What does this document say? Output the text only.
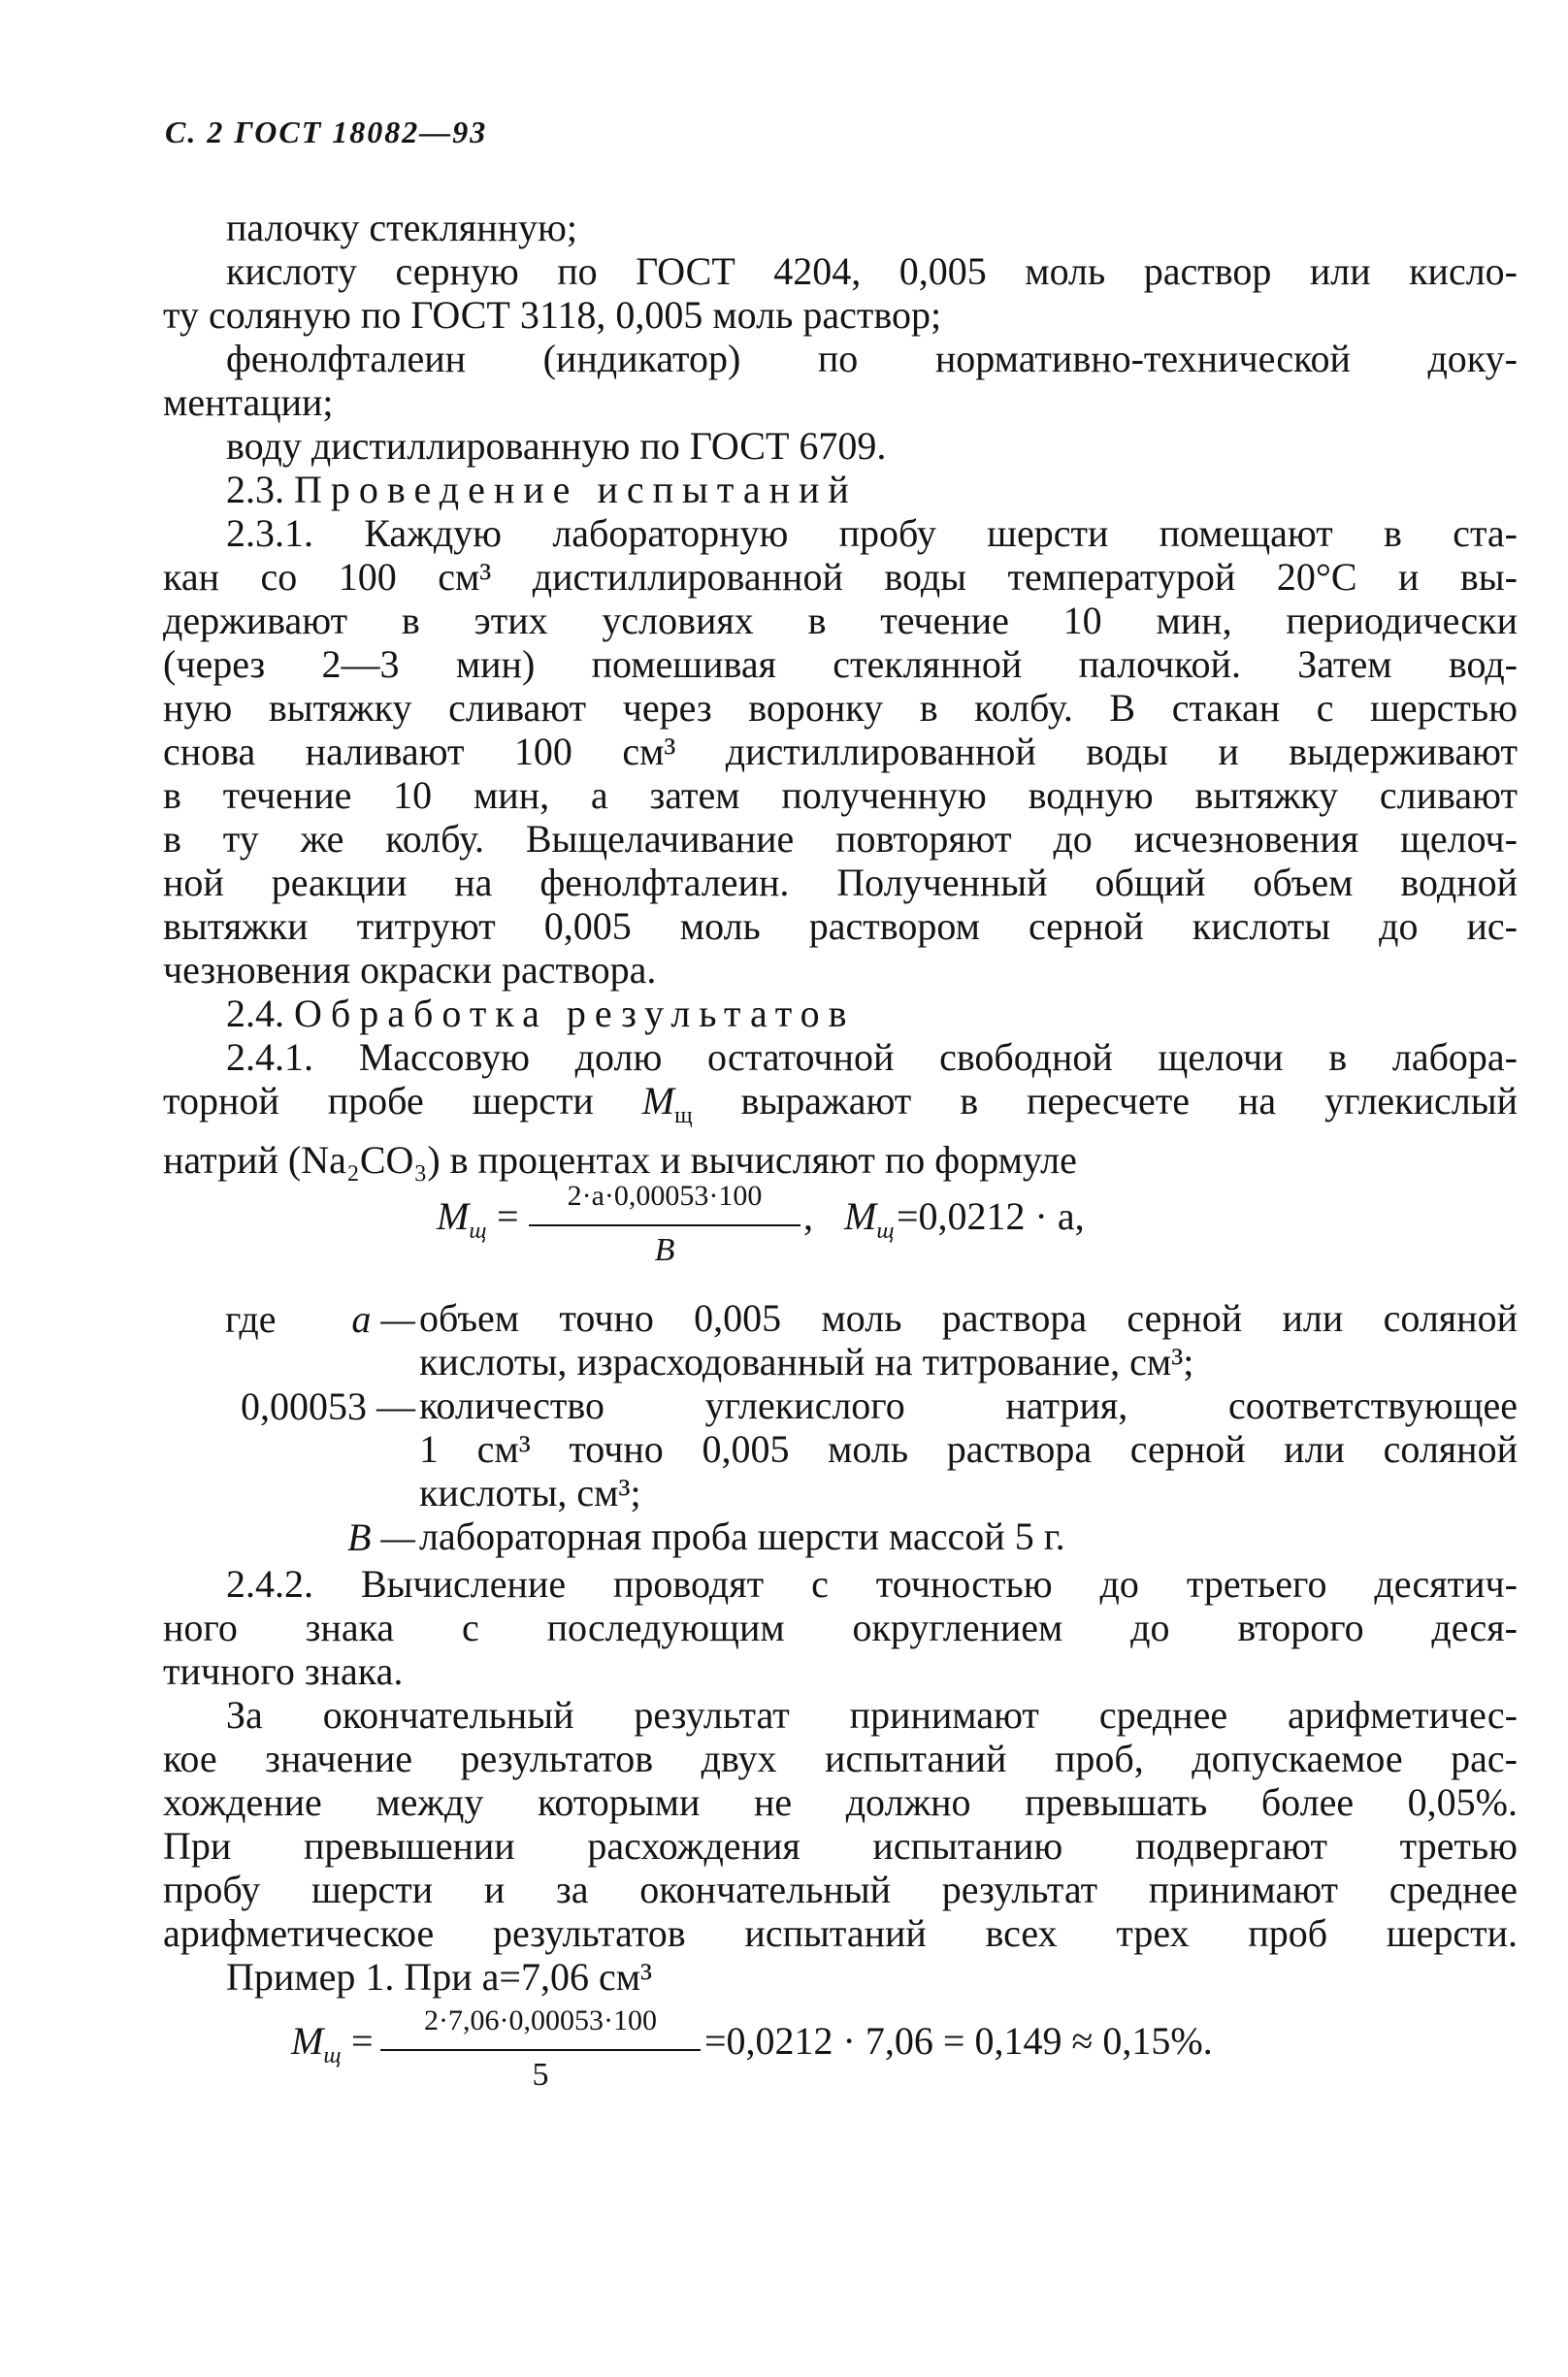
С. 2 ГОСТ 18082—93
палочку стеклянную;
кислоту серную по ГОСТ 4204, 0,005 моль раствор или кисло-
ту соляную по ГОСТ 3118, 0,005 моль раствор;
фенолфталеин (индикатор) по нормативно-технической доку-
ментации;
воду дистиллированную по ГОСТ 6709.
2.3. Проведение испытаний
2.3.1. Каждую лабораторную пробу шерсти помещают в ста-
кан со 100 см³ дистиллированной воды температурой 20°С и вы-
держивают в этих условиях в течение 10 мин, периодически
(через 2—3 мин) помешивая стеклянной палочкой. Затем вод-
ную вытяжку сливают через воронку в колбу. В стакан с шерстью
снова наливают 100 см³ дистиллированной воды и выдерживают
в течение 10 мин, а затем полученную водную вытяжку сливают
в ту же колбу. Выщелачивание повторяют до исчезновения щелоч-
ной реакции на фенолфталеин. Полученный общий объем водной
вытяжки титруют 0,005 моль раствором серной кислоты до ис-
чезновения окраски раствора.
2.4. Обработка результатов
2.4.1. Массовую долю остаточной свободной щелочи в лабора-
торной пробе шерсти $М_щ$ выражают в пересчете на углекислый
натрий (Na₂CO₃) в процентах и вычисляют по формуле
$М_щ$ =	2·a·0,00053·100
В
, $М_щ =0,0212 \cdot a$,
где	a — объем точно 0,005 моль раствора серной или соляной
кислоты, израсходованный на титрование, см³;
0,00053 — количество углекислого натрия, соответствующее
1 см³ точно 0,005 моль раствора серной или соляной
кислоты, см³;
В — лабораторная проба шерсти массой 5 г.
2.4.2. Вычисление проводят с точностью до третьего десятич-
ного знака с последующим округлением до второго деся-
тичного знака.
За окончательный результат принимают среднее арифметичес-
кое значение результатов двух испытаний проб, допускаемое рас-
хождение между которыми не должно превышать более 0,05%.
При превышении расхождения испытанию подвергают третью
пробу шерсти и за окончательный результат принимают среднее
арифметическое результатов испытаний всех трех проб шерсти.
Пример 1. При a=7,06 см³
$М_щ$ =	2·7,06·0,00053·100
5
=0,0212 · 7,06 = 0,149 ≈ 0,15%.
